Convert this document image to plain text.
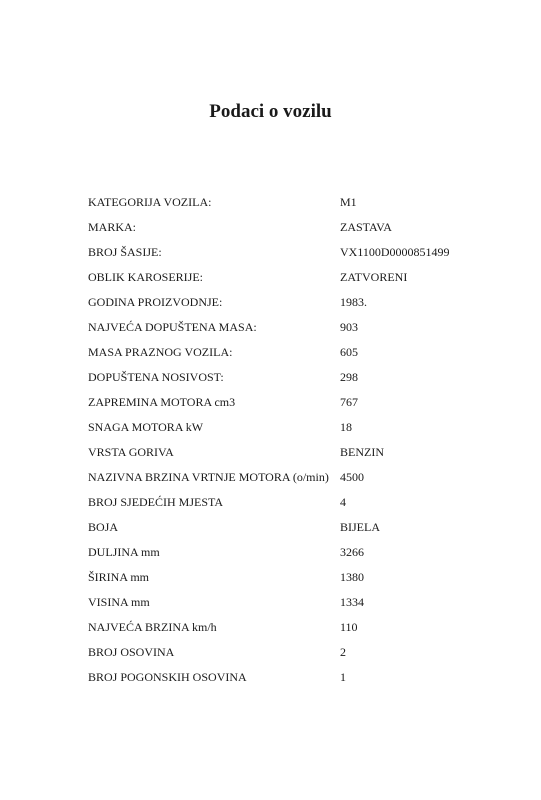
Podaci o vozilu
KATEGORIJA VOZILA:	M1
MARKA:	ZASTAVA
BROJ ŠASIJE:	VX1100D0000851499
OBLIK KAROSERIJE:	ZATVORENI
GODINA PROIZVODNJE:	1983.
NAJVEĆA DOPUŠTENA MASA:	903
MASA PRAZNOG VOZILA:	605
DOPUŠTENA NOSIVOST:	298
ZAPREMINA MOTORA cm3	767
SNAGA MOTORA kW	18
VRSTA GORIVA	BENZIN
NAZIVNA BRZINA VRTNJE MOTORA (o/min) 4500
BROJ SJEDEĆIH MJESTA	4
BOJA	BIJELA
DULJINA mm	3266
ŠIRINA mm	1380
VISINA mm	1334
NAJVEĆA BRZINA km/h	110
BROJ OSOVINA	2
BROJ POGONSKIH OSOVINA	1
